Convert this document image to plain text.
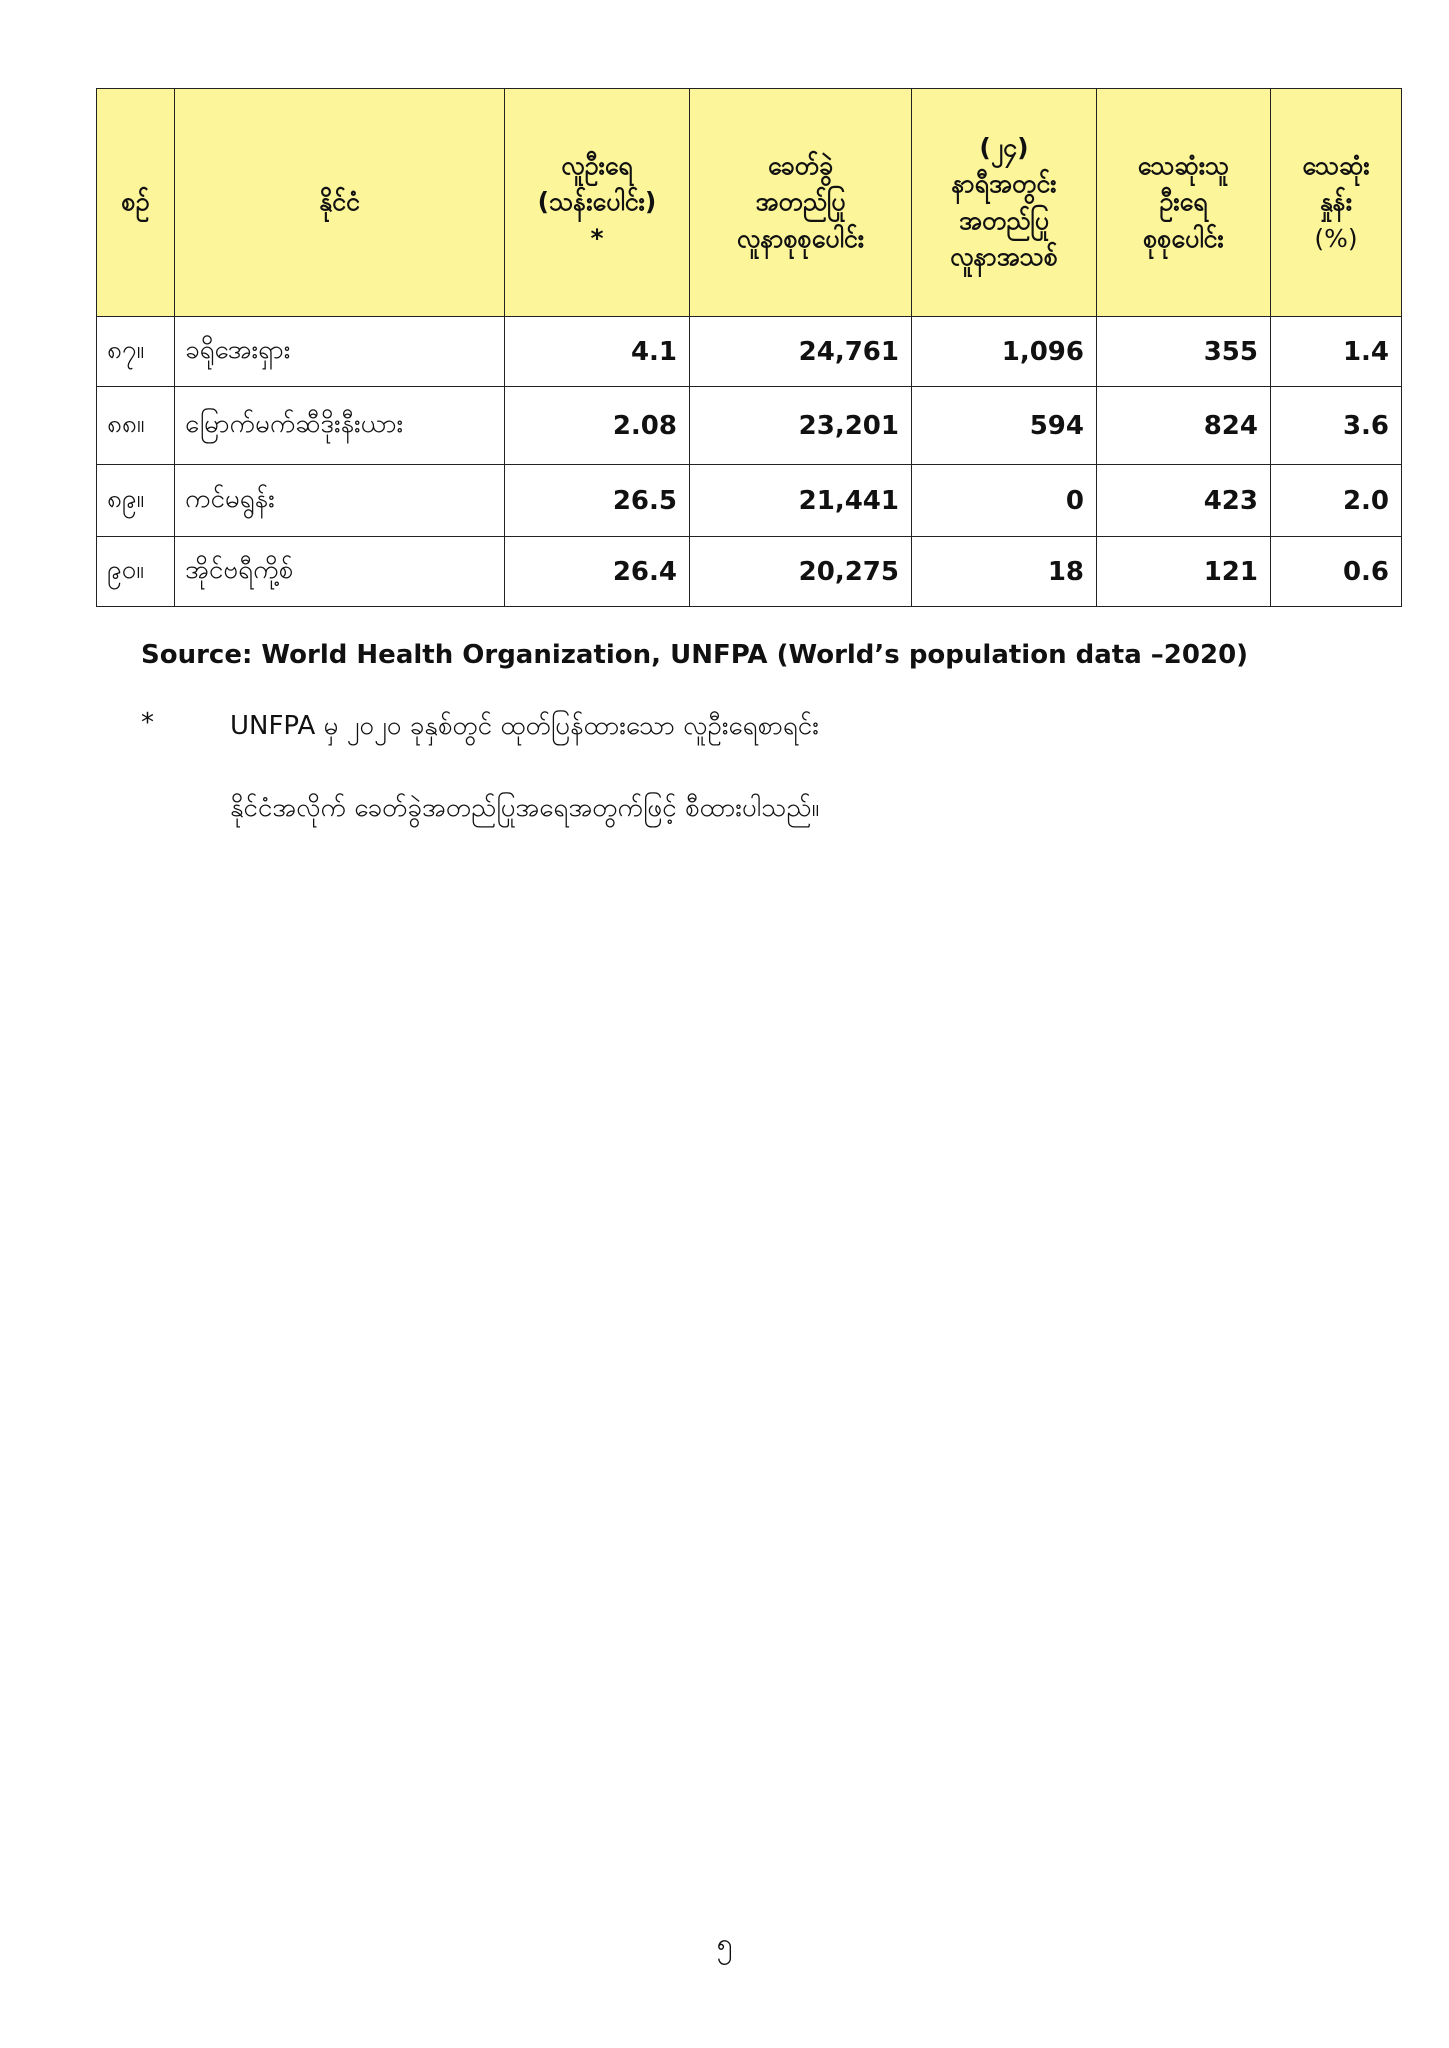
စဉ်	နိုင်ငံ	လူဦးရေ
(သန်းပေါင်း)
*	ခေတ်ခွဲ
အတည်ပြု
လူနာစုစုပေါင်း	(၂၄)
နာရီအတွင်း
အတည်ပြု
လူနာအသစ်	သေဆုံးသူ
ဦးရေ
စုစုပေါင်း	သေဆုံး
နှုန်း
(%)
၈၇။	ခရိုအေးရှား	4.1	24,761	1,096	355	1.4
၈၈။	မြောက်မက်ဆီဒိုးနီးယား	2.08	23,201	594	824	3.6
၈၉။	ကင်မရွန်း	26.5	21,441	0	423	2.0
၉၀။	အိုင်ဗရီကို့စ်	26.4	20,275	18	121	0.6
Source: World Health Organization, UNFPA (World’s population data –2020)
*	UNFPA မှ ၂၀၂၀ ခုနှစ်တွင် ထုတ်ပြန်ထားသော လူဦးရေစာရင်း
နိုင်ငံအလိုက် ခေတ်ခွဲအတည်ပြုအရေအတွက်ဖြင့် စီထားပါသည်။
၅
